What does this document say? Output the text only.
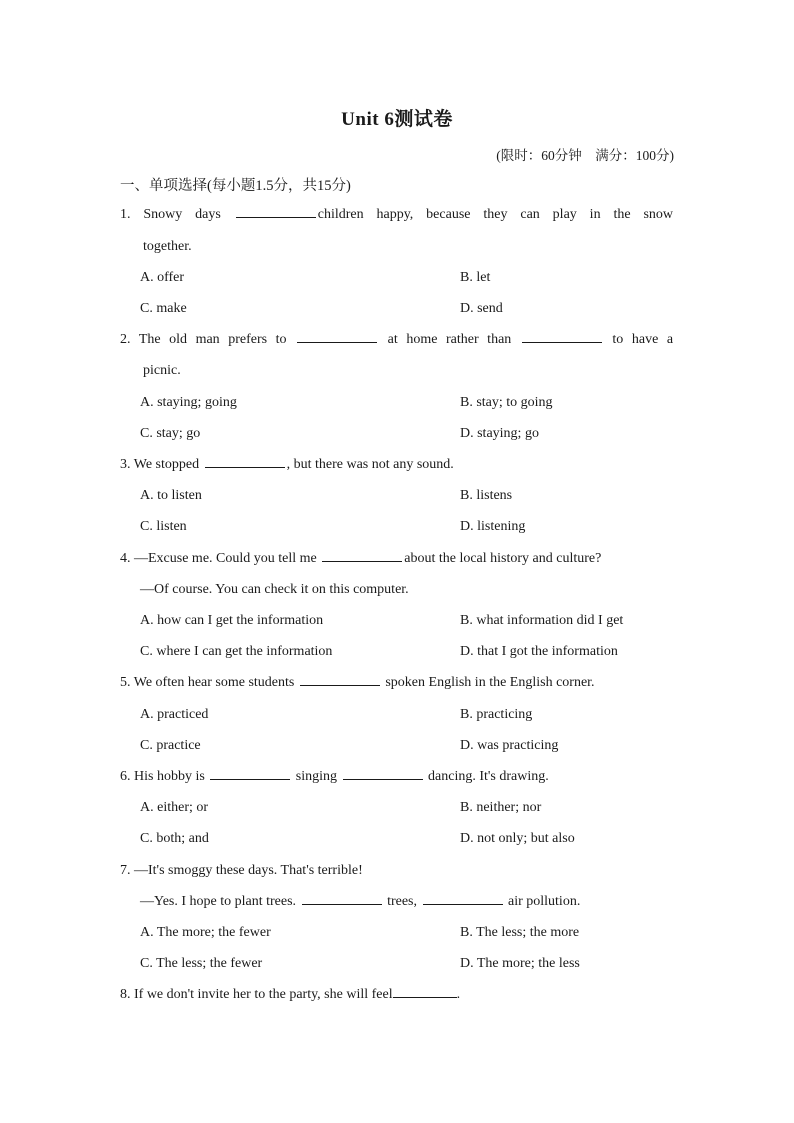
Unit 6测试卷
(限时：60分钟　满分：100分)
一、单项选择(每小题1.5分，共15分)
1. Snowy days	children happy, because they can play in the snow
together.
A. offer	B. let
C. make	D. send
2. The old man prefers to	at home rather than	to have a
picnic.
A. staying; going	B. stay; to going
C. stay; go	D. staying; go
3. We stopped	, but there was not any sound.
A. to listen	B. listens
C. listen	D. listening
4. —Excuse me. Could you tell me	about the local history and culture?
—Of course. You can check it on this computer.
A. how can I get the information	B. what information did I get
C. where I can get the information	D. that I got the information
5. We often hear some students	spoken English in the English corner.
A. practiced	B. practicing
C. practice	D. was practicing
6. His hobby is	singing	dancing. It's drawing.
A. either; or	B. neither; nor
C. both; and	D. not only; but also
7. —It's smoggy these days. That's terrible!
—Yes. I hope to plant trees.	trees,	air pollution.
A. The more; the fewer	B. The less; the more
C. The less; the fewer	D. The more; the less
8. If we don't invite her to the party, she will feel	.
